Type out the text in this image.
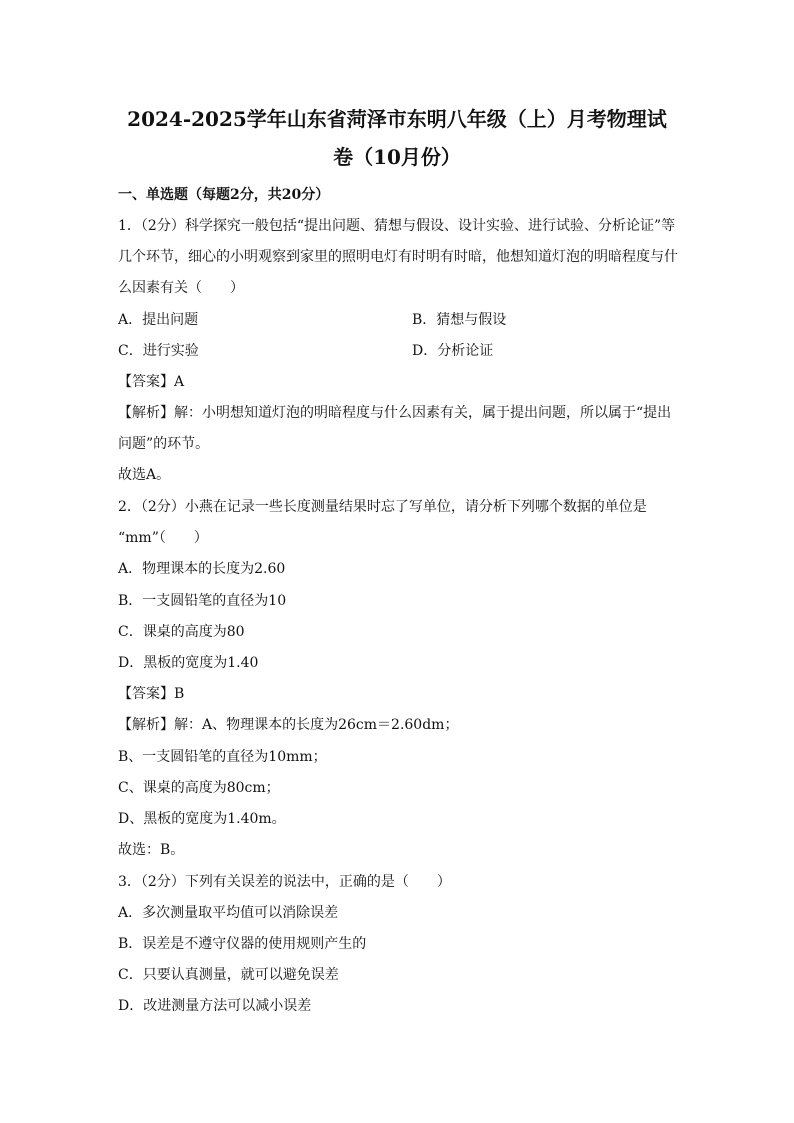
2024-2025学年山东省菏泽市东明八年级（上）月考物理试
卷（10月份）
一、单选题（每题2分，共20分）
1．（2分）科学探究一般包括“提出问题、猜想与假设、设计实验、进行试验、分析论证”等
几个环节，细心的小明观察到家里的照明电灯有时明有时暗，他想知道灯泡的明暗程度与什
么因素有关（　　）
A．提出问题	B．猜想与假设
C．进行实验	D．分析论证
【答案】A
【解析】解：小明想知道灯泡的明暗程度与什么因素有关，属于提出问题，所以属于“提出
问题”的环节。
故选A。
2．（2分）小燕在记录一些长度测量结果时忘了写单位，请分析下列哪个数据的单位是
“mm”（　　）
A．物理课本的长度为2.60
B．一支圆铅笔的直径为10
C．课桌的高度为80
D．黑板的宽度为1.40
【答案】B
【解析】解：A、物理课本的长度为26cm＝2.60dm；
B、一支圆铅笔的直径为10mm；
C、课桌的高度为80cm；
D、黑板的宽度为1.40m。
故选：B。
3．（2分）下列有关误差的说法中，正确的是（　　）
A．多次测量取平均值可以消除误差
B．误差是不遵守仪器的使用规则产生的
C．只要认真测量，就可以避免误差
D．改进测量方法可以减小误差
